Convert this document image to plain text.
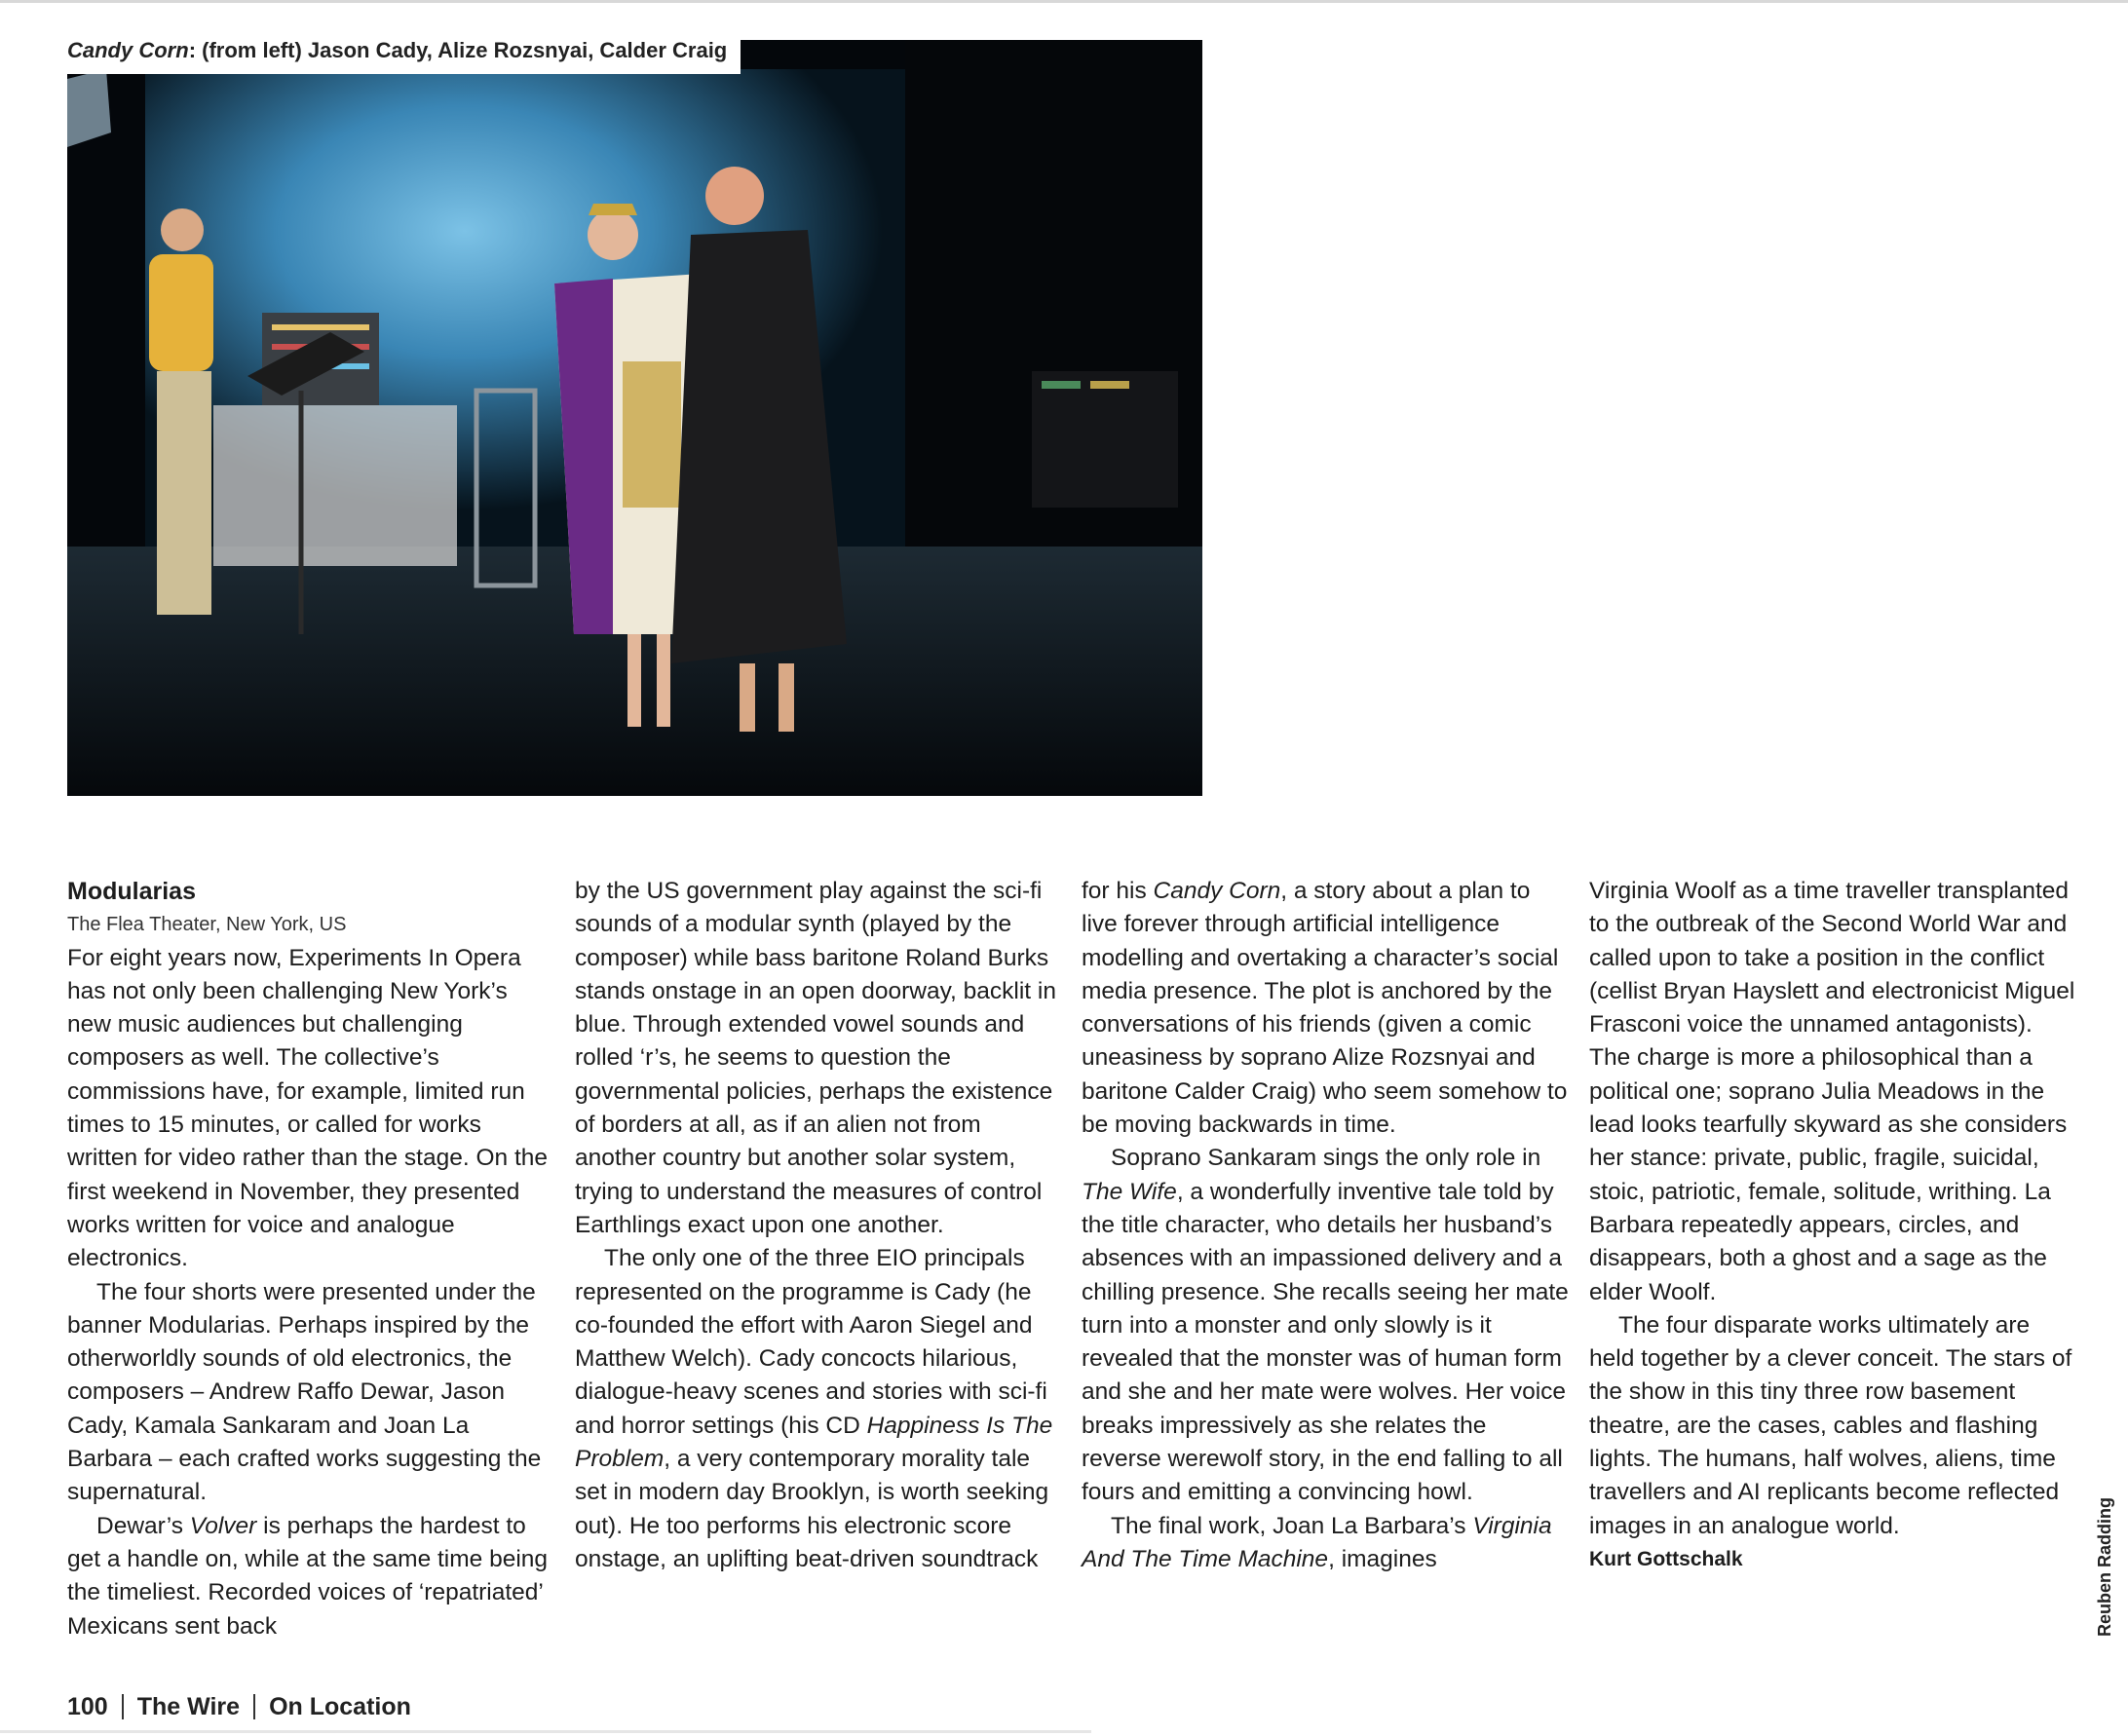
Candy Corn: (from left) Jason Cady, Alize Rozsnyai, Calder Craig
Modularias
The Flea Theater, New York, US

For eight years now, Experiments In Opera has not only been challenging New York’s new music audiences but challenging composers as well. The collective’s commissions have, for example, limited run times to 15 minutes, or called for works written for video rather than the stage. On the first weekend in November, they presented works written for voice and analogue electronics.

The four shorts were presented under the banner Modularias. Perhaps inspired by the otherworldly sounds of old electronics, the composers – Andrew Raffo Dewar, Jason Cady, Kamala Sankaram and Joan La Barbara – each crafted works suggesting the supernatural.

Dewar’s Volver is perhaps the hardest to get a handle on, while at the same time being the timeliest. Recorded voices of ‘repatriated’ Mexicans sent back

by the US government play against the sci-fi sounds of a modular synth (played by the composer) while bass baritone Roland Burks stands onstage in an open doorway, backlit in blue. Through extended vowel sounds and rolled ‘r’s, he seems to question the governmental policies, perhaps the existence of borders at all, as if an alien not from another country but another solar system, trying to understand the measures of control Earthlings exact upon one another.

The only one of the three EIO principals represented on the programme is Cady (he co-founded the effort with Aaron Siegel and Matthew Welch). Cady concocts hilarious, dialogue-heavy scenes and stories with sci-fi and horror settings (his CD Happiness Is The Problem, a very contemporary morality tale set in modern day Brooklyn, is worth seeking out). He too performs his electronic score onstage, an uplifting beat-driven soundtrack

for his Candy Corn, a story about a plan to live forever through artificial intelligence modelling and overtaking a character’s social media presence. The plot is anchored by the conversations of his friends (given a comic uneasiness by soprano Alize Rozsnyai and baritone Calder Craig) who seem somehow to be moving backwards in time.

Soprano Sankaram sings the only role in The Wife, a wonderfully inventive tale told by the title character, who details her husband’s absences with an impassioned delivery and a chilling presence. She recalls seeing her mate turn into a monster and only slowly is it revealed that the monster was of human form and she and her mate were wolves. Her voice breaks impressively as she relates the reverse werewolf story, in the end falling to all fours and emitting a convincing howl.

The final work, Joan La Barbara’s Virginia And The Time Machine, imagines

Virginia Woolf as a time traveller transplanted to the outbreak of the Second World War and called upon to take a position in the conflict (cellist Bryan Hayslett and electronicist Miguel Frasconi voice the unnamed antagonists). The charge is more a philosophical than a political one; soprano Julia Meadows in the lead looks tearfully skyward as she considers her stance: private, public, fragile, suicidal, stoic, patriotic, female, solitude, writhing. La Barbara repeatedly appears, circles, and disappears, both a ghost and a sage as the elder Woolf.

The four disparate works ultimately are held together by a clever conceit. The stars of the show in this tiny three row basement theatre, are the cases, cables and flashing lights. The humans, half wolves, aliens, time travellers and AI replicants become reflected images in an analogue world.

Kurt Gottschalk	Reuben Radding
100 The Wire On Location
